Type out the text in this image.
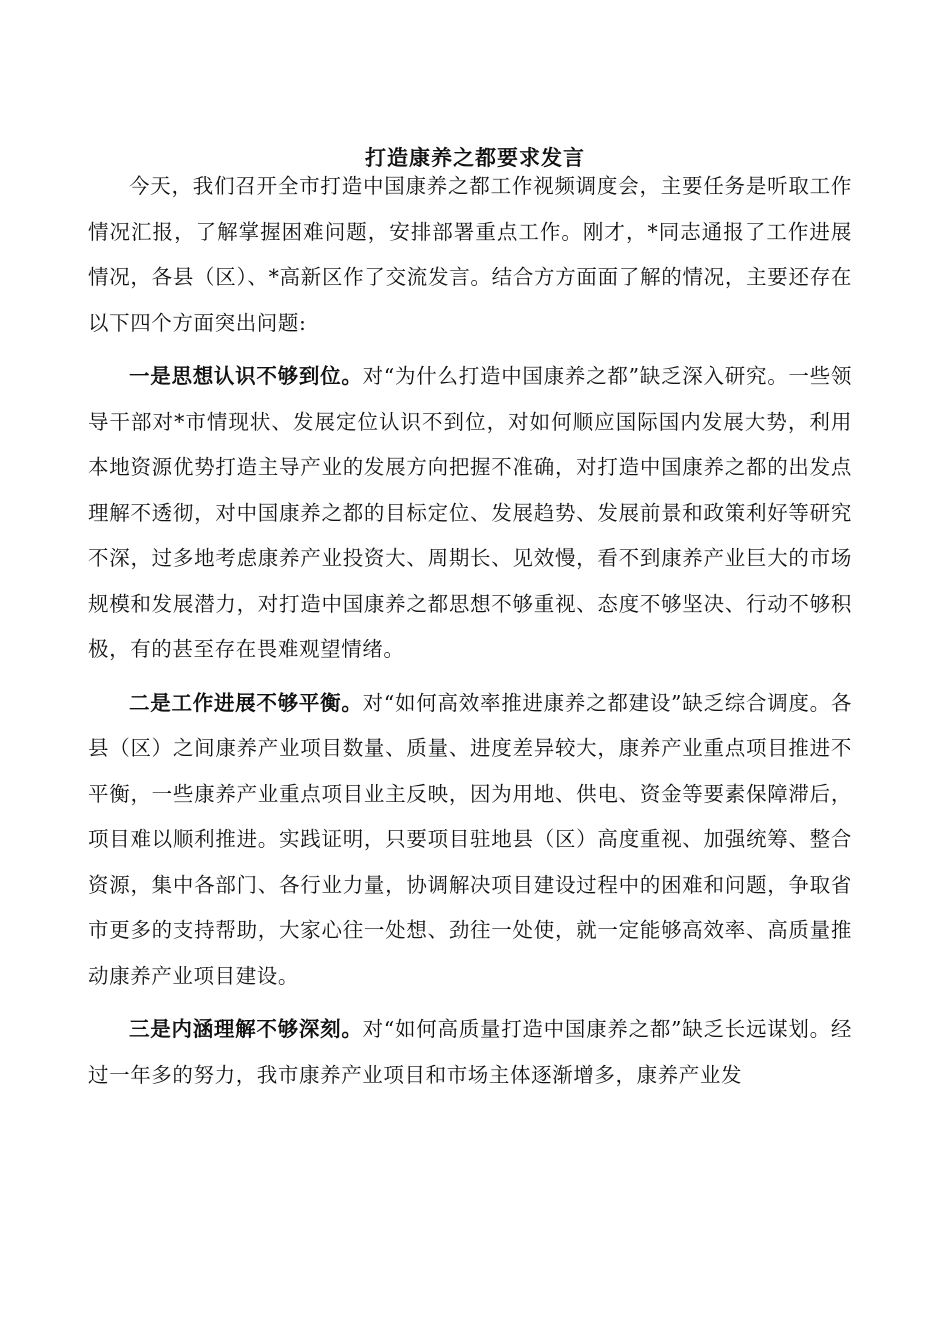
打造康养之都要求发言

今天，我们召开全市打造中国康养之都工作视频调度会，主要任务是听取工作情况汇报，了解掌握困难问题，安排部署重点工作。刚才，*同志通报了工作进展情况，各县（区）、*高新区作了交流发言。结合方方面面了解的情况，主要还存在以下四个方面突出问题:

一是思想认识不够到位。对“为什么打造中国康养之都”缺乏深入研究。一些领导干部对*市情现状、发展定位认识不到位，对如何顺应国际国内发展大势，利用本地资源优势打造主导产业的发展方向把握不准确，对打造中国康养之都的出发点理解不透彻，对中国康养之都的目标定位、发展趋势、发展前景和政策利好等研究不深，过多地考虑康养产业投资大、周期长、见效慢，看不到康养产业巨大的市场规模和发展潜力，对打造中国康养之都思想不够重视、态度不够坚决、行动不够积极，有的甚至存在畏难观望情绪。

二是工作进展不够平衡。对“如何高效率推进康养之都建设”缺乏综合调度。各县（区）之间康养产业项目数量、质量、进度差异较大，康养产业重点项目推进不平衡，一些康养产业重点项目业主反映，因为用地、供电、资金等要素保障滞后，项目难以顺利推进。实践证明，只要项目驻地县（区）高度重视、加强统筹、整合资源，集中各部门、各行业力量，协调解决项目建设过程中的困难和问题，争取省市更多的支持帮助，大家心往一处想、劲往一处使，就一定能够高效率、高质量推动康养产业项目建设。

三是内涵理解不够深刻。对“如何高质量打造中国康养之都”缺乏长远谋划。经过一年多的努力，我市康养产业项目和市场主体逐渐增多，康养产业发
